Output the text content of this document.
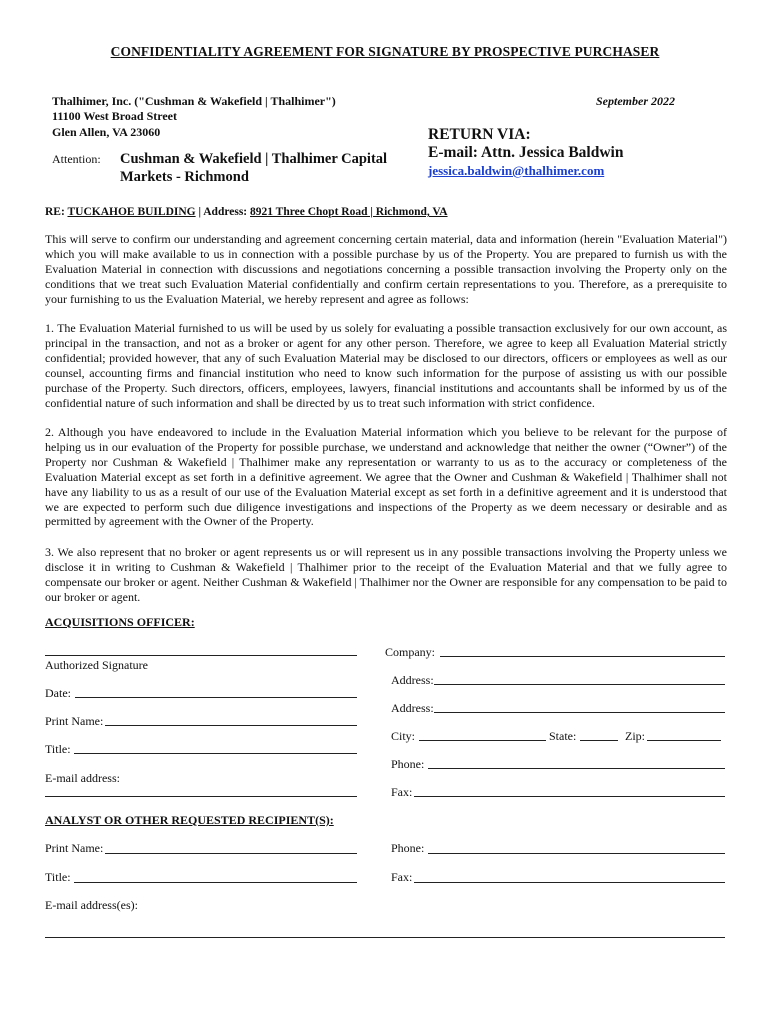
CONFIDENTIALITY AGREEMENT FOR SIGNATURE BY PROSPECTIVE PURCHASER
Thalhimer, Inc. ("Cushman & Wakefield | Thalhimer")
11100 West Broad Street
Glen Allen, VA 23060
September 2022
Attention: Cushman & Wakefield | Thalhimer Capital
Markets - Richmond
RETURN VIA:
E-mail: Attn. Jessica Baldwin
jessica.baldwin@thalhimer.com
RE: TUCKAHOE BUILDING | Address: 8921 Three Chopt Road | Richmond, VA
This will serve to confirm our understanding and agreement concerning certain material, data and information (herein "Evaluation Material") which you will make available to us in connection with a possible purchase by us of the Property. You are prepared to furnish us with the Evaluation Material in connection with discussions and negotiations concerning a possible transaction involving the Property only on the conditions that we treat such Evaluation Material confidentially and confirm certain representations to you. Therefore, as a prerequisite to your furnishing to us the Evaluation Material, we hereby represent and agree as follows:
1. The Evaluation Material furnished to us will be used by us solely for evaluating a possible transaction exclusively for our own account, as principal in the transaction, and not as a broker or agent for any other person. Therefore, we agree to keep all Evaluation Material strictly confidential; provided however, that any of such Evaluation Material may be disclosed to our directors, officers or employees as well as our counsel, accounting firms and financial institution who need to know such information for the purpose of assisting us with our possible purchase of the Property. Such directors, officers, employees, lawyers, financial institutions and accountants shall be informed by us of the confidential nature of such information and shall be directed by us to treat such information with strict confidence.
2. Although you have endeavored to include in the Evaluation Material information which you believe to be relevant for the purpose of helping us in our evaluation of the Property for possible purchase, we understand and acknowledge that neither the owner (“Owner”) of the Property nor Cushman & Wakefield | Thalhimer make any representation or warranty to us as to the accuracy or completeness of the Evaluation Material except as set forth in a definitive agreement. We agree that the Owner and Cushman & Wakefield | Thalhimer shall not have any liability to us as a result of our use of the Evaluation Material except as set forth in a definitive agreement and it is understood that we are expected to perform such due diligence investigations and inspections of the Property as we deem necessary or desirable and as permitted by agreement with the Owner of the Property.
3. We also represent that no broker or agent represents us or will represent us in any possible transactions involving the Property unless we disclose it in writing to Cushman & Wakefield | Thalhimer prior to the receipt of the Evaluation Material and that we fully agree to compensate our broker or agent. Neither Cushman & Wakefield | Thalhimer nor the Owner are responsible for any compensation to be paid to our broker or agent.
ACQUISITIONS OFFICER:
Authorized Signature
Date:
Print Name:
Title:
E-mail address:
Company:
Address:
Address:
City:	State:	Zip:
Phone:
Fax:
ANALYST OR OTHER REQUESTED RECIPIENT(S):
Print Name:	Phone:
Title:	Fax:
E-mail address(es):
